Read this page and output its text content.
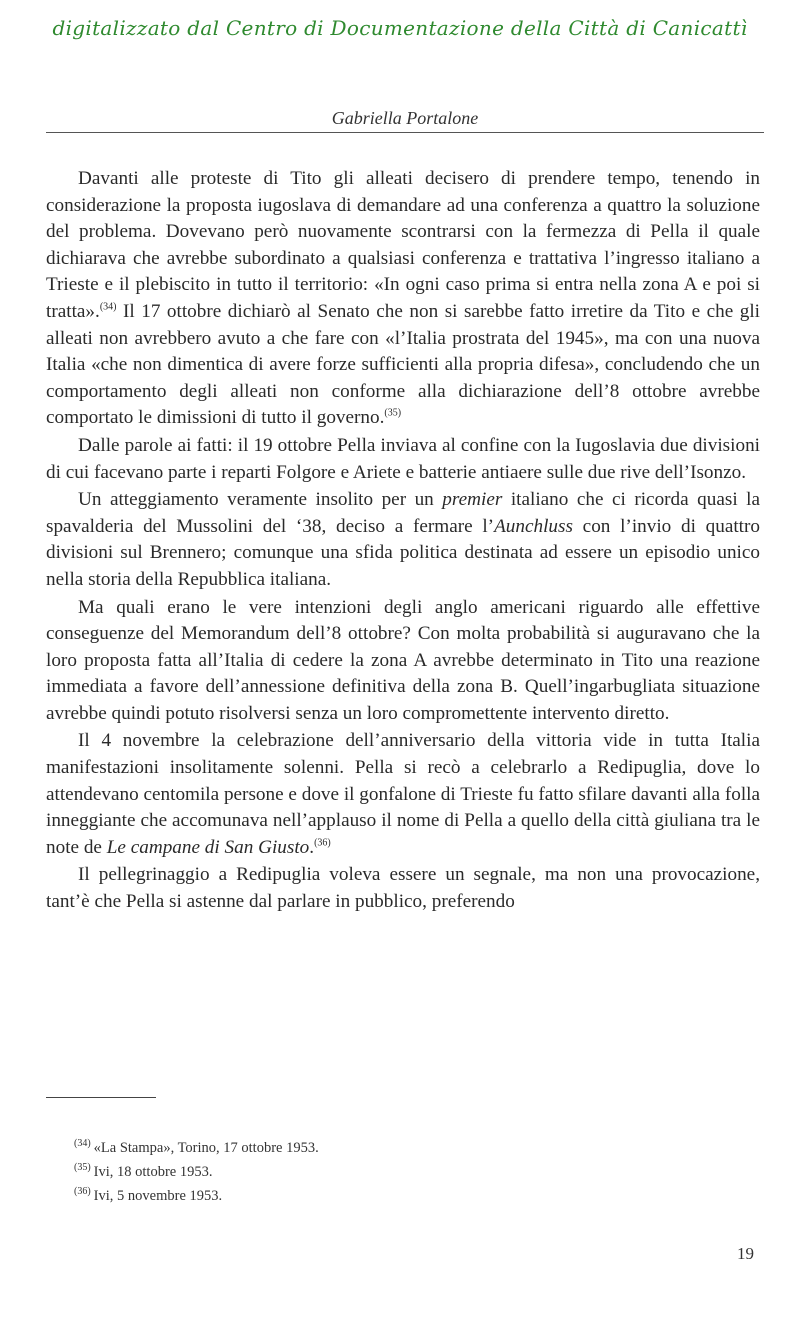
digitalizzato dal Centro di Documentazione della Città di Canicattì
Gabriella Portalone

Davanti alle proteste di Tito gli alleati decisero di prendere tempo, tenendo in considerazione la proposta iugoslava di demandare ad una conferenza a quattro la soluzione del problema. Dovevano però nuovamente scontrarsi con la fermezza di Pella il quale dichiarava che avrebbe subordinato a qualsiasi conferenza e trattativa l’ingresso italiano a Trieste e il plebiscito in tutto il territorio: «In ogni caso prima si entra nella zona A e poi si tratta».$^{(34)}$ Il 17 ottobre dichiarò al Senato che non si sarebbe fatto irretire da Tito e che gli alleati non avrebbero avuto a che fare con «l’Italia prostrata del 1945», ma con una nuova Italia «che non dimentica di avere forze sufficienti alla propria difesa», concludendo che un comportamento degli alleati non conforme alla dichiarazione dell’8 ottobre avrebbe comportato le dimissioni di tutto il governo.$^{(35)}$

Dalle parole ai fatti: il 19 ottobre Pella inviava al confine con la Iugoslavia due divisioni di cui facevano parte i reparti Folgore e Ariete e batterie antiaere sulle due rive dell’Isonzo.

Un atteggiamento veramente insolito per un premier italiano che ci ricorda quasi la spavalderia del Mussolini del ‘38, deciso a fermare l’Aunchluss con l’invio di quattro divisioni sul Brennero; comunque una sfida politica destinata ad essere un episodio unico nella storia della Repubblica italiana.

Ma quali erano le vere intenzioni degli anglo americani riguardo alle effettive conseguenze del Memorandum dell’8 ottobre? Con molta probabilità si auguravano che la loro proposta fatta all’Italia di cedere la zona A avrebbe determinato in Tito una reazione immediata a favore dell’annessione definitiva della zona B. Quell’ingarbugliata situazione avrebbe quindi potuto risolversi senza un loro compromettente intervento diretto.

Il 4 novembre la celebrazione dell’anniversario della vittoria vide in tutta Italia manifestazioni insolitamente solenni. Pella si recò a celebrarlo a Redipuglia, dove lo attendevano centomila persone e dove il gonfalone di Trieste fu fatto sfilare davanti alla folla inneggiante che accomunava nell’applauso il nome di Pella a quello della città giuliana tra le note de Le campane di San Giusto.$^{(36)}$

Il pellegrinaggio a Redipuglia voleva essere un segnale, ma non una provocazione, tant’è che Pella si astenne dal parlare in pubblico, preferendo

$^{(34)}$ «La Stampa», Torino, 17 ottobre 1953.
$^{(35)}$ Ivi, 18 ottobre 1953.
$^{(36)}$ Ivi, 5 novembre 1953.
19
